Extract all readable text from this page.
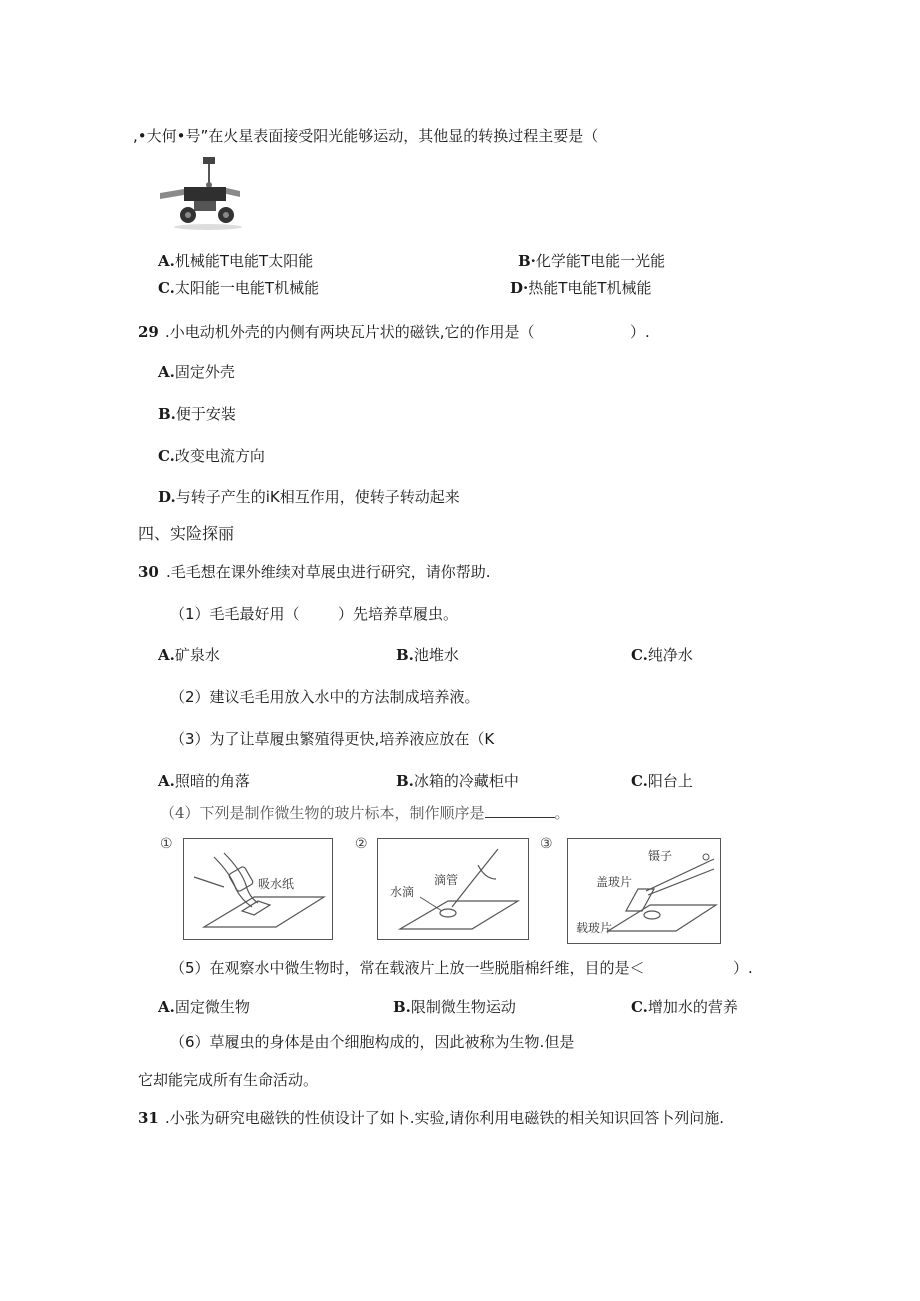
,•大何•号”在火星表面接受阳光能够运动，其他显的转换过程主要是（
A.机械能T电能T太阳能	B·化学能T电能一光能
C.太阳能一电能T机械能	D·热能T电能T机械能
29 .小电动机外壳的内侧有两块瓦片状的磁铁,它的作用是（	）.
A.固定外壳
B.便于安装
C.改变电流方向
D.与转子产生的iK相互作用，使转子转动起来
四、实险探丽
30 .毛毛想在课外维续对草展虫进行研究，请你帮助.
（1）毛毛最好用（	）先培养草履虫。
A.矿泉水	B.池堆水	C.纯净水
（2）建议毛毛用放入水中的方法制成培养液。
（3）为了让草履虫繁殖得更快,培养液应放在（K
A.照暗的角落	B.冰箱的冷藏柜中	C.阳台上
（4）下列是制作微生物的玻片标本，制作顺序是	。
①
吸水纸
②
水滴
滴管
③
盖玻片
镊子
载玻片
（5）在观察水中微生物时，常在载液片上放一些脱脂棉纤维，目的是＜	）.
A.固定微生物	B.限制微生物运动	C.增加水的营养
（6）草履虫的身体是由个细胞构成的，因此被称为生物.但是
它却能完成所有生命活动。
31 .小张为研究电磁铁的性侦设计了如卜.实验,请你利用电磁铁的相关知识回答卜列问施.
